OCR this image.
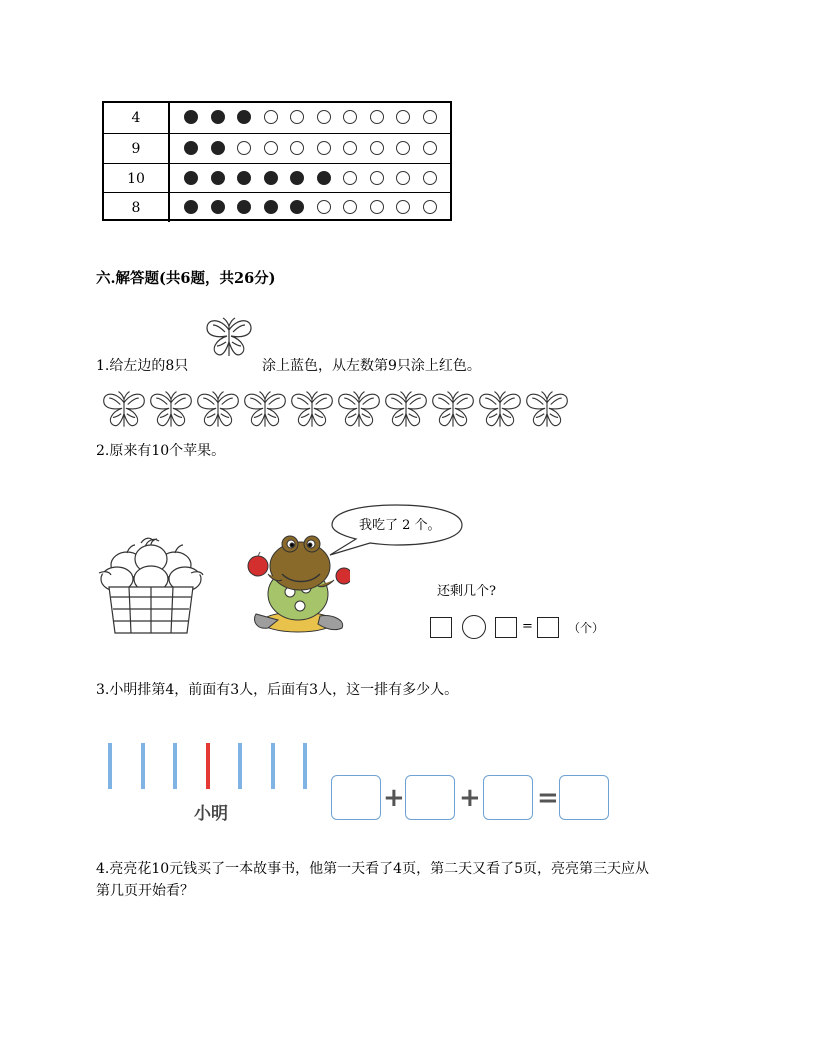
4
9
10
8
六.解答题(共6题，共26分)
1.给左边的8只	涂上蓝色，从左数第9只涂上红色。
2.原来有10个苹果。
我吃了 2 个。
还剩几个?
=	（个）
3.小明排第4，前面有3人，后面有3人，这一排有多少人。
小明
+ + =
4.亮亮花10元钱买了一本故事书，他第一天看了4页，第二天又看了5页，亮亮第三天应从
第几页开始看？
